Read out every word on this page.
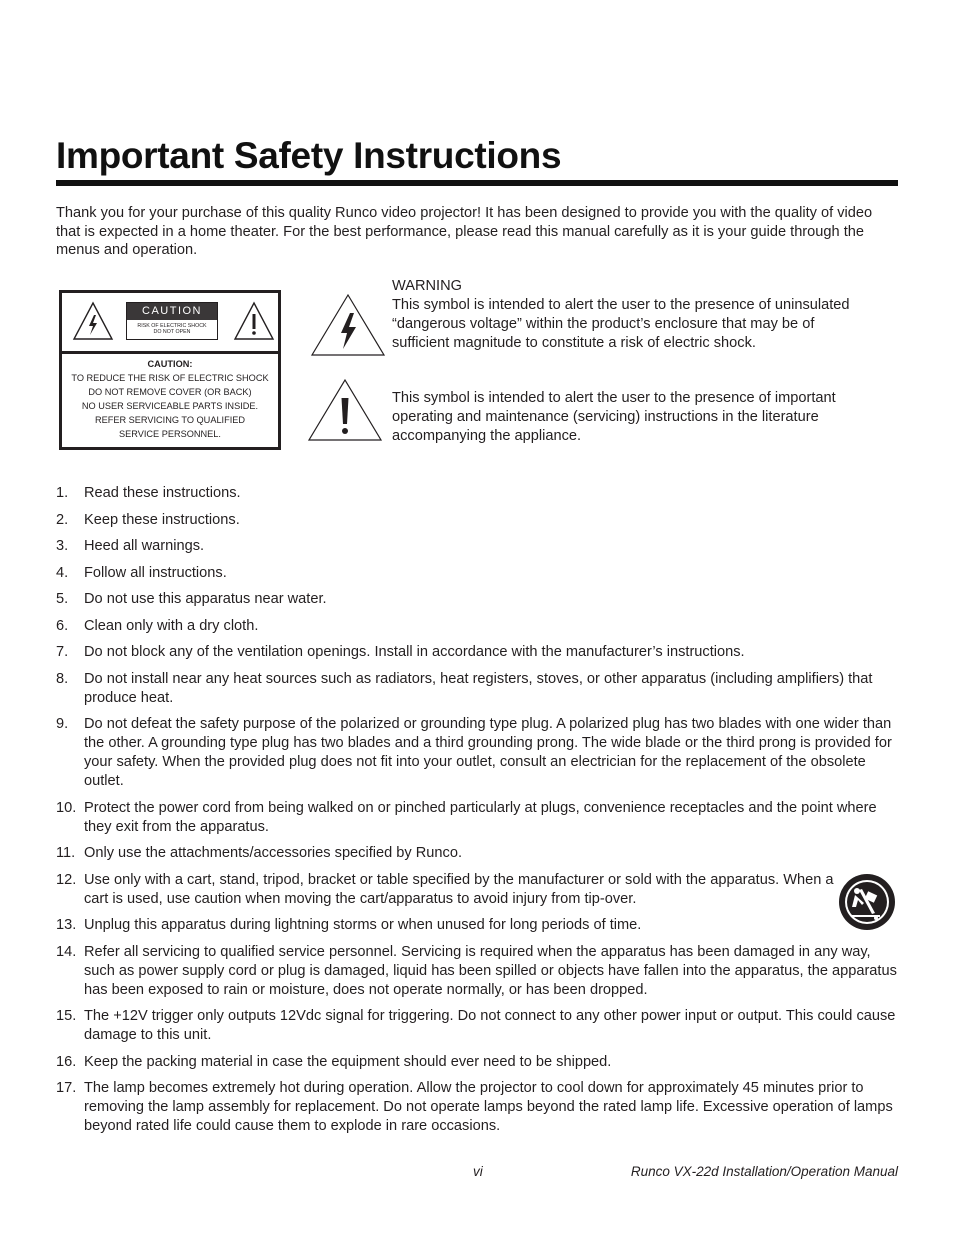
Important Safety Instructions

Thank you for your purchase of this quality Runco video projector! It has been designed to provide you with the quality of video that is expected in a home theater. For the best performance, please read this manual carefully as it is your guide through the menus and operation.

CAUTION
RISK OF ELECTRIC SHOCK
DO NOT OPEN
CAUTION:
TO REDUCE THE RISK OF ELECTRIC SHOCK
DO NOT REMOVE COVER (OR BACK)
NO USER SERVICEABLE PARTS INSIDE.
REFER SERVICING TO QUALIFIED
SERVICE PERSONNEL.
WARNING
This symbol is intended to alert the user to the presence of uninsulated “dangerous voltage” within the product’s enclosure that may be of sufficient magnitude to constitute a risk of electric shock.
This symbol is intended to alert the user to the presence of important operating and maintenance (servicing) instructions in the literature accompanying the appliance.
1.	Read these instructions.
2.	Keep these instructions.
3.	Heed all warnings.
4.	Follow all instructions.
5.	Do not use this apparatus near water.
6.	Clean only with a dry cloth.
7.	Do not block any of the ventilation openings. Install in accordance with the manufacturer’s instructions.
8.	Do not install near any heat sources such as radiators, heat registers, stoves, or other apparatus (including amplifiers) that produce heat.
9.	Do not defeat the safety purpose of the polarized or grounding type plug. A polarized plug has two blades with one wider than the other. A grounding type plug has two blades and a third grounding prong. The wide blade or the third prong is provided for your safety. When the provided plug does not fit into your outlet, consult an electrician for the replacement of the obsolete outlet.
10. Protect the power cord from being walked on or pinched particularly at plugs, convenience receptacles and the point where they exit from the apparatus.
11. Only use the attachments/accessories specified by Runco.
12. Use only with a cart, stand, tripod, bracket or table specified by the manufacturer or sold with the apparatus. When a cart is used, use caution when moving the cart/apparatus to avoid injury from tip-over.
13. Unplug this apparatus during lightning storms or when unused for long periods of time.
14. Refer all servicing to qualified service personnel. Servicing is required when the apparatus has been damaged in any way, such as power supply cord or plug is damaged, liquid has been spilled or objects have fallen into the apparatus, the apparatus has been exposed to rain or moisture, does not operate normally, or has been dropped.
15. The +12V trigger only outputs 12Vdc signal for triggering. Do not connect to any other power input or output. This could cause damage to this unit.
16. Keep the packing material in case the equipment should ever need to be shipped.
17. The lamp becomes extremely hot during operation. Allow the projector to cool down for approximately 45 minutes prior to removing the lamp assembly for replacement. Do not operate lamps beyond the rated lamp life. Excessive operation of lamps beyond rated life could cause them to explode in rare occasions.
vi	Runco VX-22d Installation/Operation Manual
